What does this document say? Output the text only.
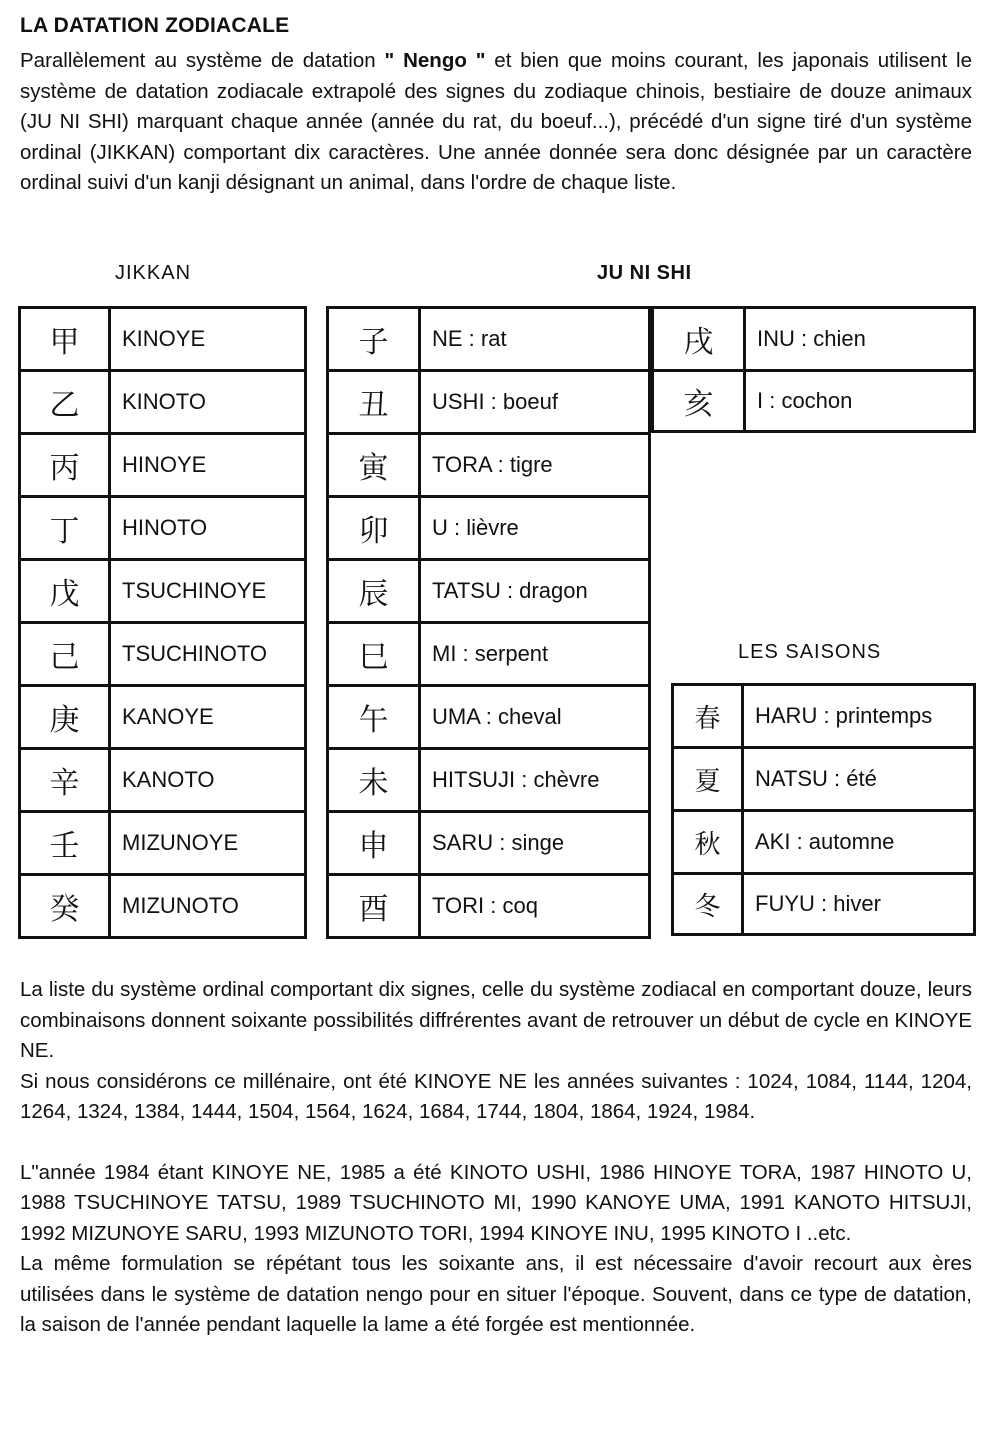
LA DATATION ZODIACALE

Parallèlement au système de datation " Nengo " et bien que moins courant, les japonais utilisent le système de datation zodiacale extrapolé des signes du zodiaque chinois, bestiaire de douze animaux (JU NI SHI) marquant chaque année (année du rat, du boeuf...), précédé d'un signe tiré d'un système ordinal (JIKKAN) comportant dix caractères. Une année donnée sera donc désignée par un caractère ordinal suivi d'un kanji désignant un animal, dans l'ordre de chaque liste.

JIKKAN	JU NI SHI
LES SAISONS
甲	KINOYE
乙	KINOTO
丙	HINOYE
丁	HINOTO
戊	TSUCHINOYE
己	TSUCHINOTO
庚	KANOYE
辛	KANOTO
壬	MIZUNOYE
癸	MIZUNOTO
子	NE : rat
丑	USHI : boeuf
寅	TORA : tigre
卯	U : lièvre
辰	TATSU : dragon
巳	MI : serpent
午	UMA : cheval
未	HITSUJI : chèvre
申	SARU : singe
酉	TORI : coq
戌	INU : chien
亥	I : cochon
春	HARU : printemps
夏	NATSU : été
秋	AKI : automne
冬	FUYU : hiver

La liste du système ordinal comportant dix signes, celle du système zodiacal en comportant douze, leurs combinaisons donnent soixante possibilités diffrérentes avant de retrouver un début de cycle en KINOYE NE.

Si nous considérons ce millénaire, ont été KINOYE NE les années suivantes : 1024, 1084, 1144, 1204, 1264, 1324, 1384, 1444, 1504, 1564, 1624, 1684, 1744, 1804, 1864, 1924, 1984.

L"année 1984 étant KINOYE NE, 1985 a été KINOTO USHI, 1986 HINOYE TORA, 1987 HINOTO U, 1988 TSUCHINOYE TATSU, 1989 TSUCHINOTO MI, 1990 KANOYE UMA, 1991 KANOTO HITSUJI, 1992 MIZUNOYE SARU, 1993 MIZUNOTO TORI, 1994 KINOYE INU, 1995 KINOTO I ..etc.

La même formulation se répétant tous les soixante ans, il est nécessaire d'avoir recourt aux ères utilisées dans le système de datation nengo pour en situer l'époque. Souvent, dans ce type de datation, la saison de l'année pendant laquelle la lame a été forgée est mentionnée.
